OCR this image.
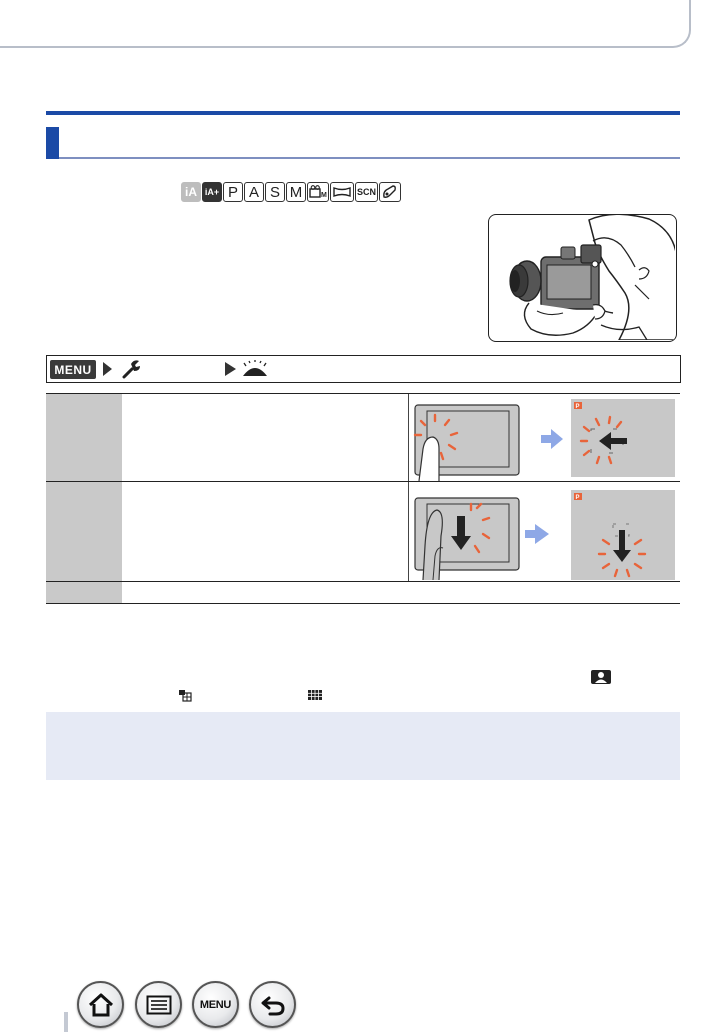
iA iA+ P A S M	M	SCN
MENU
P
P
MENU
